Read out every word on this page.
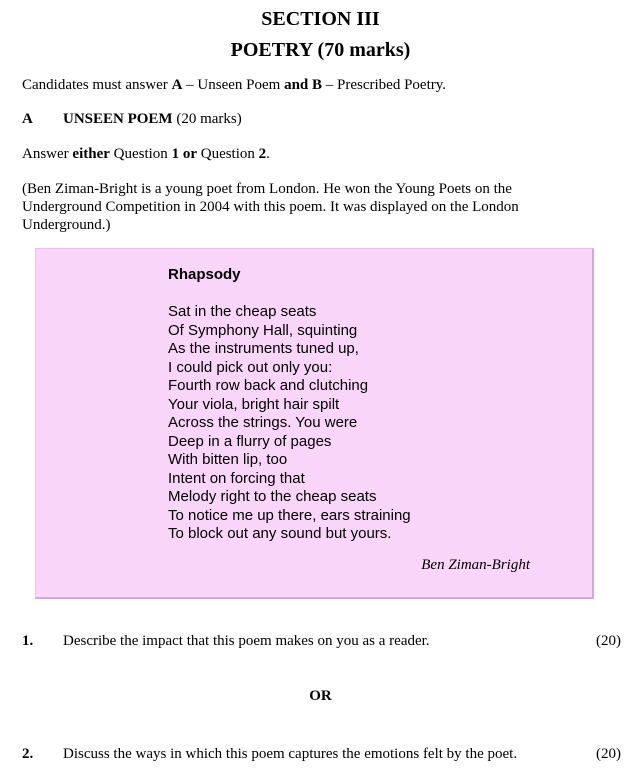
SECTION III
POETRY (70 marks)
Candidates must answer A – Unseen Poem and B – Prescribed Poetry.
A UNSEEN POEM (20 marks)
Answer either Question 1 or Question 2.
(Ben Ziman-Bright is a young poet from London. He won the Young Poets on the
Underground Competition in 2004 with this poem. It was displayed on the London
Underground.)
Rhapsody
Sat in the cheap seats
Of Symphony Hall, squinting
As the instruments tuned up,
I could pick out only you:
Fourth row back and clutching
Your viola, bright hair spilt
Across the strings. You were
Deep in a flurry of pages
With bitten lip, too
Intent on forcing that
Melody right to the cheap seats
To notice me up there, ears straining
To block out any sound but yours.
Ben Ziman-Bright
1. Describe the impact that this poem makes on you as a reader.	(20)
OR
2. Discuss the ways in which this poem captures the emotions felt by the poet.	(20)
